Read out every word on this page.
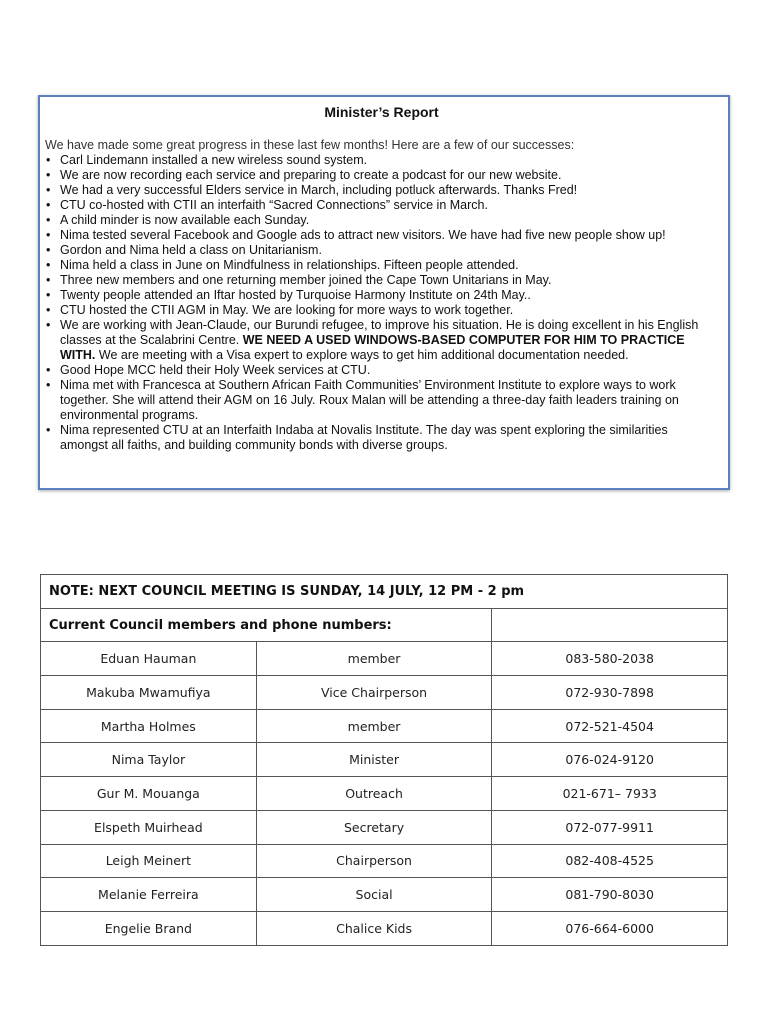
Minister’s Report

We have made some great progress in these last few months! Here are a few of our successes:

• Carl Lindemann installed a new wireless sound system.
• We are now recording each service and preparing to create a podcast for our new website.
• We had a very successful Elders service in March, including potluck afterwards. Thanks Fred!
• CTU co-hosted with CTII an interfaith “Sacred Connections” service in March.
• A child minder is now available each Sunday.
• Nima tested several Facebook and Google ads to attract new visitors. We have had five new people show up!
• Gordon and Nima held a class on Unitarianism.
• Nima held a class in June on Mindfulness in relationships. Fifteen people attended.
• Three new members and one returning member joined the Cape Town Unitarians in May.
• Twenty people attended an Iftar hosted by Turquoise Harmony Institute on 24th May..
• CTU hosted the CTII AGM in May. We are looking for more ways to work together.
• We are working with Jean-Claude, our Burundi refugee, to improve his situation. He is doing excellent in his English classes at the Scalabrini Centre. WE NEED A USED WINDOWS-BASED COMPUTER FOR HIM TO PRACTICE WITH. We are meeting with a Visa expert to explore ways to get him additional documentation needed.
• Good Hope MCC held their Holy Week services at CTU.
• Nima met with Francesca at Southern African Faith Communities’ Environment Institute to explore ways to work together. She will attend their AGM on 16 July. Roux Malan will be attending a three-day faith leaders training on environmental programs.
• Nima represented CTU at an Interfaith Indaba at Novalis Institute. The day was spent exploring the similarities amongst all faiths, and building community bonds with diverse groups.
NOTE: NEXT COUNCIL MEETING IS SUNDAY, 14 JULY, 12 PM - 2 pm		
Current Council members and phone numbers:		
Eduan Hauman	member	083-580-2038
Makuba Mwamufiya	Vice Chairperson	072-930-7898
Martha Holmes	member	072-521-4504
Nima Taylor	Minister	076-024-9120
Gur M. Mouanga	Outreach	021-671– 7933
Elspeth Muirhead	Secretary	072-077-9911
Leigh Meinert	Chairperson	082-408-4525
Melanie Ferreira	Social	081-790-8030
Engelie Brand	Chalice Kids	076-664-6000
